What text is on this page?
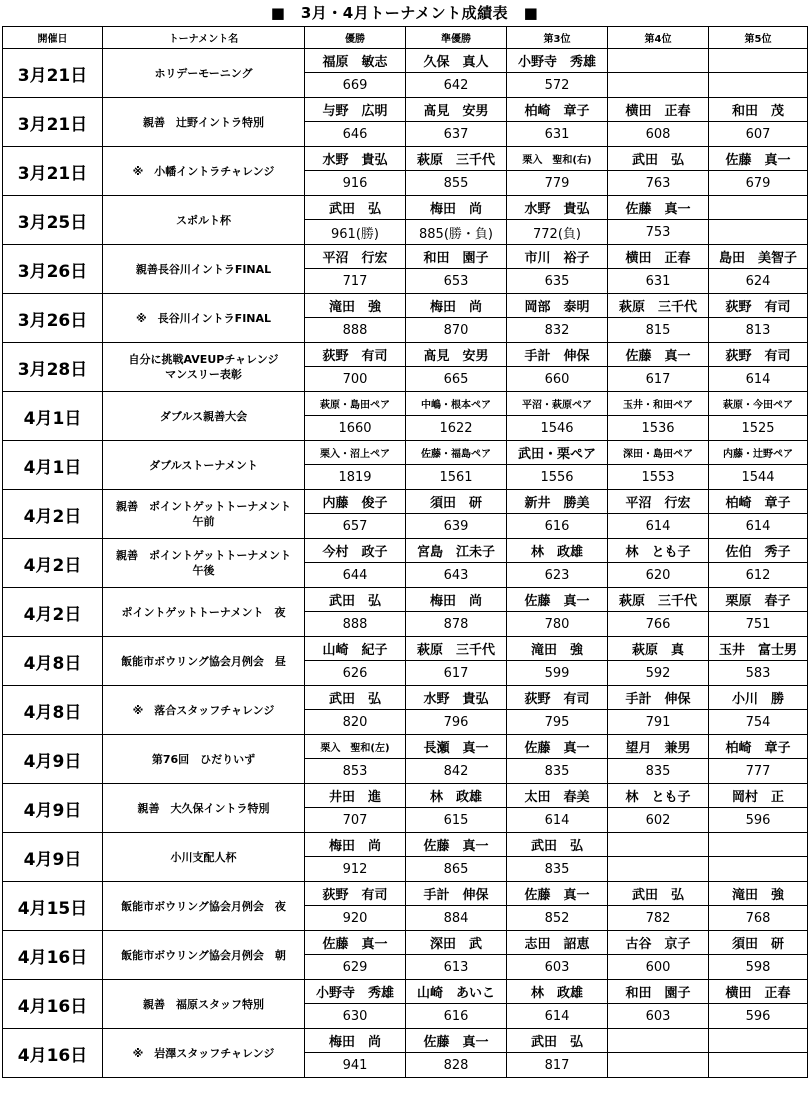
■　3月・4月トーナメント成績表　■
開催日	トーナメント名	優勝	準優勝	第3位	第4位	第5位
3月21日	ホリデーモーニング	福原　敏志	久保　真人	小野寺　秀雄		
		669	642	572		
3月21日	親善　辻野イントラ特別	与野　広明	髙見　安男	柏崎　章子	横田　正春	和田　茂
		646	637	631	608	607
3月21日	※　小幡イントラチャレンジ	水野　貴弘	萩原　三千代	栗入　聖和(右)	武田　弘	佐藤　真一
		916	855	779	763	679
3月25日	スポルト杯	武田　弘	梅田　尚	水野　貴弘	佐藤　真一	
		961(勝)	885(勝・負)	772(負)	753	
3月26日	親善長谷川イントラFINAL	平沼　行宏	和田　園子	市川　裕子	横田　正春	島田　美智子
		717	653	635	631	624
3月26日	※　長谷川イントラFINAL	滝田　強	梅田　尚	岡部　泰明	萩原　三千代	荻野　有司
		888	870	832	815	813
3月28日	自分に挑戦AVEUPチャレンジ
マンスリー表彰	荻野　有司	髙見　安男	手計　伸保	佐藤　真一	荻野　有司
		700	665	660	617	614
4月1日	ダブルス親善大会	萩原・島田ペア	中嶋・根本ペア	平沼・萩原ペア	玉井・和田ペア	萩原・今田ペア
		1660	1622	1546	1536	1525
4月1日	ダブルストーナメント	栗入・沼上ペア	佐藤・福島ペア	武田・栗ペア	深田・島田ペア	内藤・辻野ペア
		1819	1561	1556	1553	1544
4月2日	親善　ポイントゲットトーナメント
午前	内藤　俊子	須田　研	新井　勝美	平沼　行宏	柏崎　章子
		657	639	616	614	614
4月2日	親善　ポイントゲットトーナメント
午後	今村　政子	宮島　江未子	林　政雄	林　とも子	佐伯　秀子
		644	643	623	620	612
4月2日	ポイントゲットトーナメント　夜	武田　弘	梅田　尚	佐藤　真一	萩原　三千代	栗原　春子
		888	878	780	766	751
4月8日	飯能市ボウリング協会月例会　昼	山崎　紀子	萩原　三千代	滝田　強	萩原　真	玉井　富士男
		626	617	599	592	583
4月8日	※　落合スタッフチャレンジ	武田　弘	水野　貴弘	荻野　有司	手計　伸保	小川　勝
		820	796	795	791	754
4月9日	第76回　ひだりいず	栗入　聖和(左)	長瀬　真一	佐藤　真一	望月　兼男	柏崎　章子
		853	842	835	835	777
4月9日	親善　大久保イントラ特別	井田　進	林　政雄	太田　春美	林　とも子	岡村　正
		707	615	614	602	596
4月9日	小川支配人杯	梅田　尚	佐藤　真一	武田　弘		
		912	865	835		
4月15日	飯能市ボウリング協会月例会　夜	荻野　有司	手計　伸保	佐藤　真一	武田　弘	滝田　強
		920	884	852	782	768
4月16日	飯能市ボウリング協会月例会　朝	佐藤　真一	深田　武	志田　詔恵	古谷　京子	須田　研
		629	613	603	600	598
4月16日	親善　福原スタッフ特別	小野寺　秀雄	山崎　あいこ	林　政雄	和田　園子	横田　正春
		630	616	614	603	596
4月16日	※　岩澤スタッフチャレンジ	梅田　尚	佐藤　真一	武田　弘		
		941	828	817		
